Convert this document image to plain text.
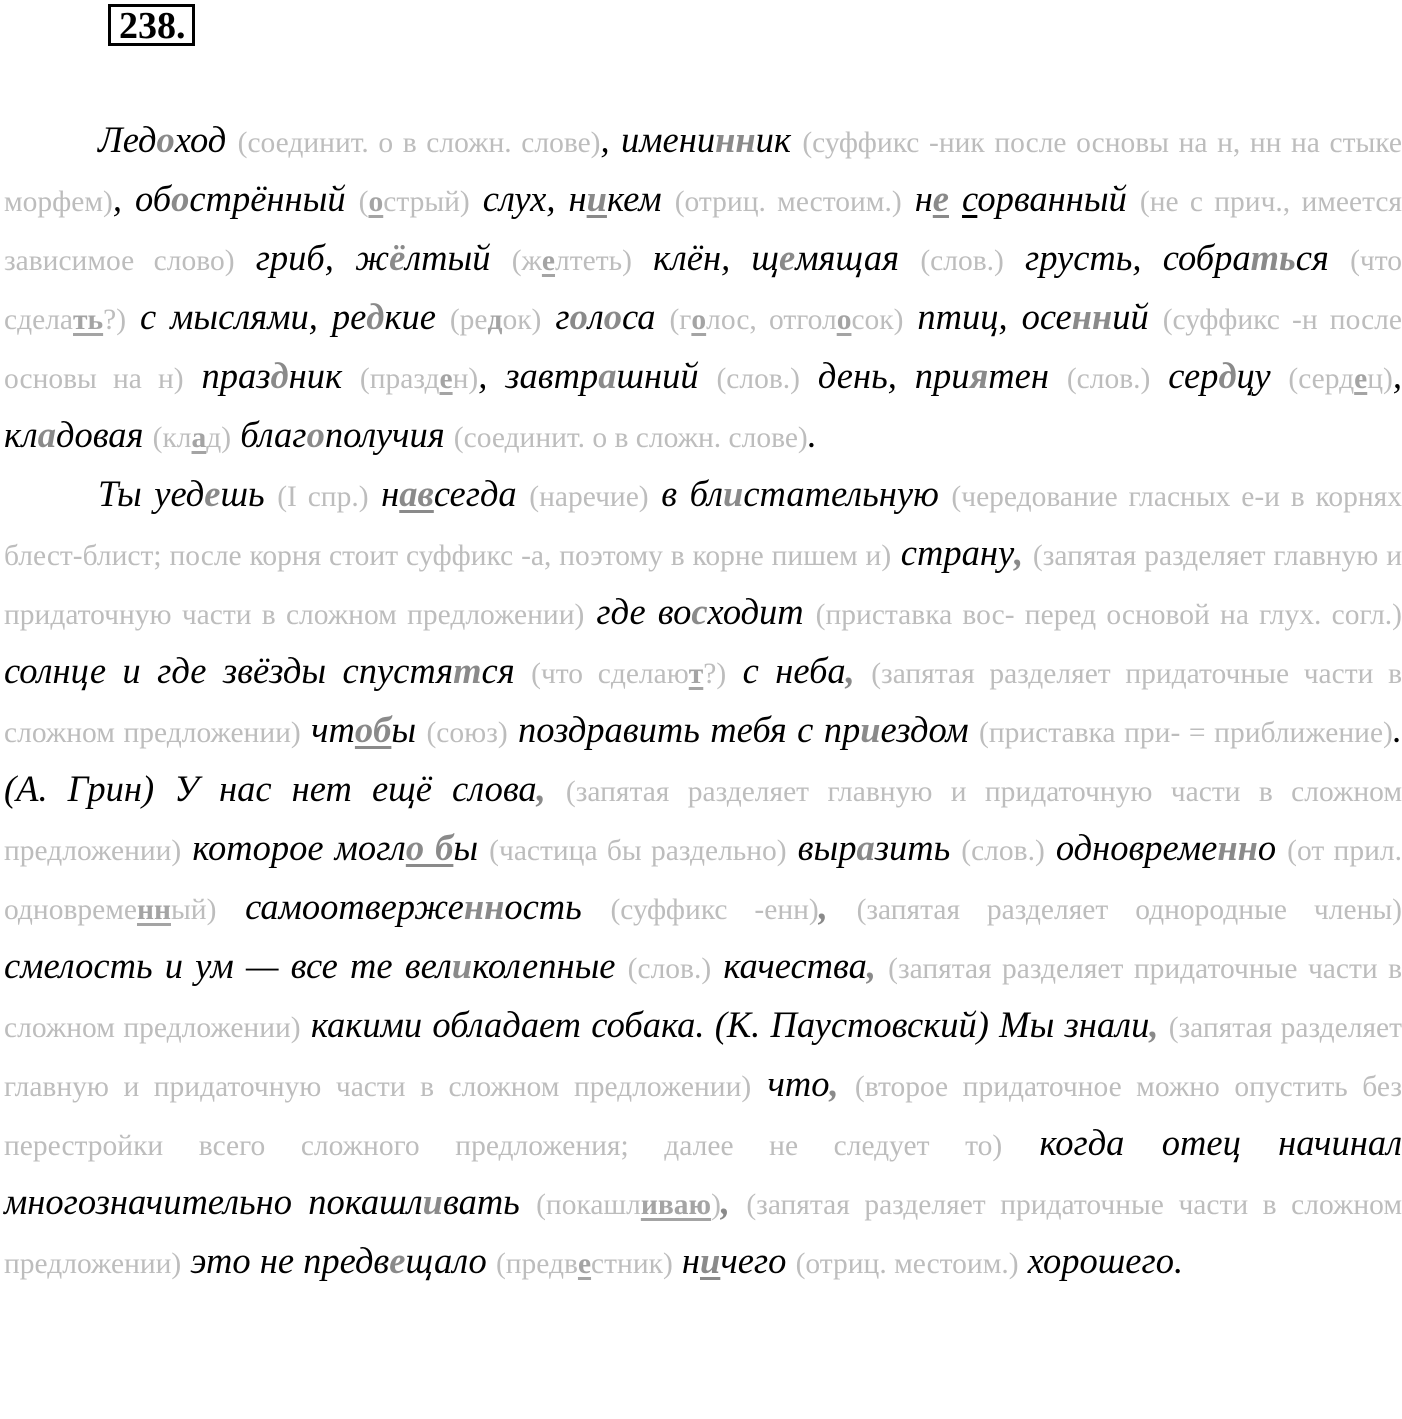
238.

Ледоход (соединит. о в сложн. слове), именинник (суффикс -ник после основы на н, нн на стыке морфем), обострённый (острый) слух, никем (отриц. местоим.) не сорванный (не с прич., имеется зависимое слово) гриб, жёлтый (желтеть) клён, щемящая (слов.) грусть, собраться (что сделать?) с мыслями, редкие (редок) голоса (голос, отголосок) птиц, осенний (суффикс -н после основы на н) праздник (празден), завтрашний (слов.) день, приятен (слов.) сердцу (сердец), кладовая (клад) благополучия (соединит. о в сложн. слове).

Ты уедешь (I спр.) навсегда (наречие) в блистательную (чередование гласных е-и в корнях блест-блист; после корня стоит суффикс -а, поэтому в корне пишем и) страну, (запятая разделяет главную и придаточную части в сложном предложении) где восходит (приставка вос- перед основой на глух. согл.) солнце и где звёзды спустятся (что сделают?) с неба, (запятая разделяет придаточные части в сложном предложении) чтобы (союз) поздравить тебя с приездом (приставка при- = приближение). (А. Грин) У нас нет ещё слова, (запятая разделяет главную и придаточную части в сложном предложении) которое могло бы (частица бы раздельно) выразить (слов.) одновременно (от прил. одновременный) самоотверженность (суффикс -енн), (запятая разделяет однородные члены) смелость и ум — все те великолепные (слов.) качества, (запятая разделяет придаточные части в сложном предложении) какими обладает собака. (К. Паустовский) Мы знали, (запятая разделяет главную и придаточную части в сложном предложении) что, (второе придаточное можно опустить без перестройки всего сложного предложения; далее не следует то) когда отец начинал многозначительно покашливать (покашливаю), (запятая разделяет придаточные части в сложном предложении) это не предвещало (предвестник) ничего (отриц. местоим.) хорошего.
